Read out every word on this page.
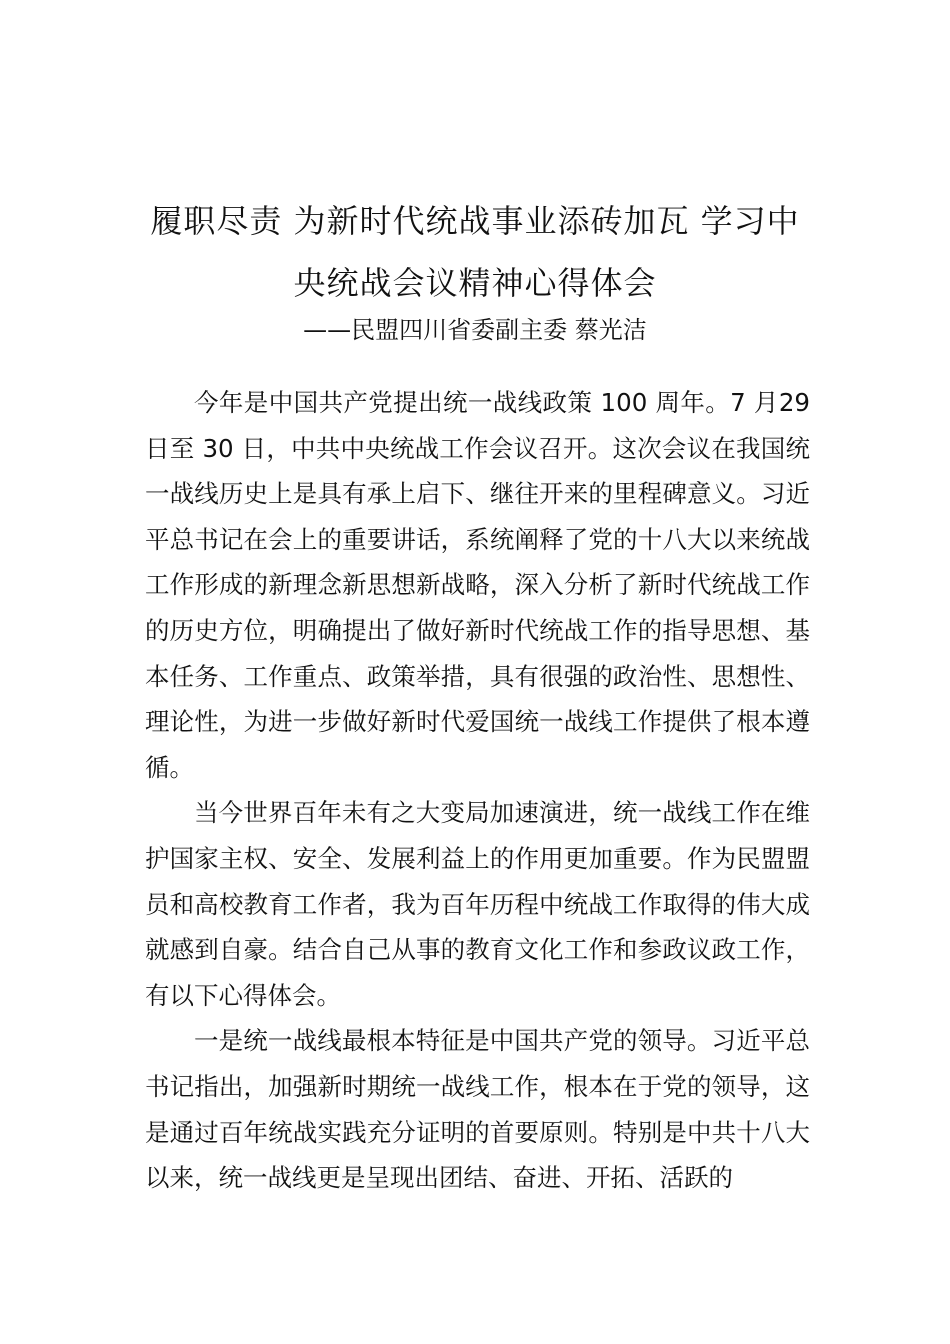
履职尽责 为新时代统战事业添砖加瓦 学习中央统战会议精神心得体会
——民盟四川省委副主委 蔡光洁

今年是中国共产党提出统一战线政策 100 周年。7 月29日至 30 日，中共中央统战工作会议召开。这次会议在我国统一战线历史上是具有承上启下、继往开来的里程碑意义。习近平总书记在会上的重要讲话，系统阐释了党的十八大以来统战工作形成的新理念新思想新战略，深入分析了新时代统战工作的历史方位，明确提出了做好新时代统战工作的指导思想、基本任务、工作重点、政策举措，具有很强的政治性、思想性、理论性，为进一步做好新时代爱国统一战线工作提供了根本遵循。

当今世界百年未有之大变局加速演进，统一战线工作在维护国家主权、安全、发展利益上的作用更加重要。作为民盟盟员和高校教育工作者，我为百年历程中统战工作取得的伟大成就感到自豪。结合自己从事的教育文化工作和参政议政工作，有以下心得体会。

一是统一战线最根本特征是中国共产党的领导。习近平总书记指出，加强新时期统一战线工作，根本在于党的领导，这是通过百年统战实践充分证明的首要原则。特别是中共十八大以来，统一战线更是呈现出团结、奋进、开拓、活跃的
